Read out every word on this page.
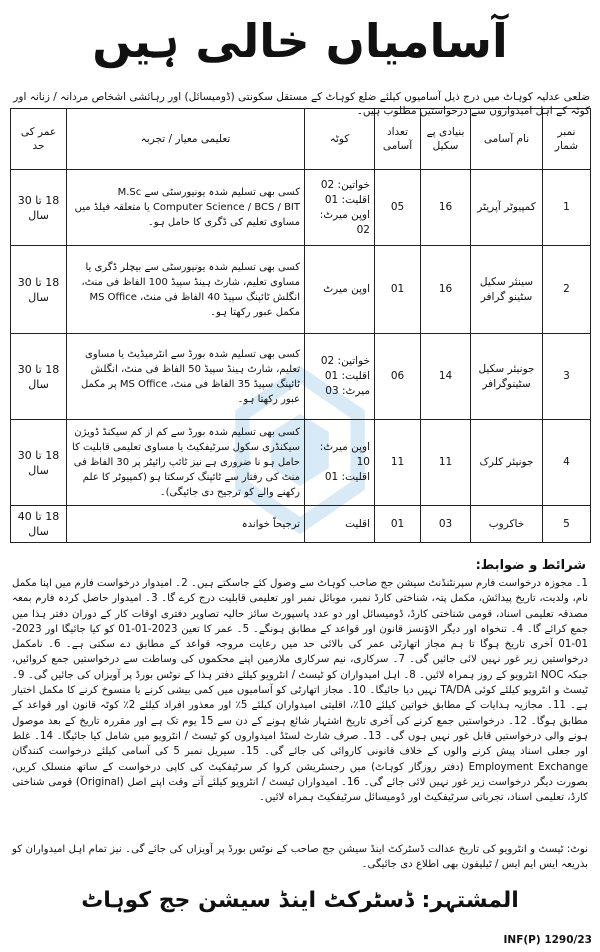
آسامیاں خالی ہیں
ضلعی عدلیہ کوہاٹ میں درج ذیل آسامیوں کیلئے ضلع کوہاٹ کے مستقل سکونتی (ڈومیسائل) اور رہائشی اشخاص مردانہ / زنانہ اور کوٹہ کے اہل امیدواروں سے درخواستیں مطلوب ہیں۔
نمبر شمار	نام آسامی	بنیادی پے سکیل	تعداد آسامی	کوٹہ	تعلیمی معیار / تجربہ	عمر کی حد
1	کمپیوٹر آپریٹر	16	05	خواتین: 02
اقلیت: 01
اوپن میرٹ: 02	کسی بھی تسلیم شدہ یونیورسٹی سے M.Sc Computer Science / BCS / BIT یا متعلقہ فیلڈ میں مساوی تعلیم کی ڈگری کا حامل ہو۔	18 تا 30 سال
2	سینئر سکیل سٹینو گرافر	16	01	اوپن میرٹ	کسی بھی تسلیم شدہ یونیورسٹی سے بیچلر ڈگری یا مساوی تعلیم، شارٹ ہینڈ سپیڈ 100 الفاظ فی منٹ، انگلش ٹائپنگ سپیڈ 40 الفاظ فی منٹ، MS Office مکمل عبور رکھتا ہو۔	18 تا 30 سال
3	جونیئر سکیل سٹینوگرافر	14	06	خواتین: 02
اقلیت: 01
میرٹ: 03	کسی بھی تسلیم شدہ بورڈ سے انٹرمیڈیٹ یا مساوی تعلیم، شارٹ ہینڈ سپیڈ 50 الفاظ فی منٹ، انگلش ٹائپنگ سپیڈ 35 الفاظ فی منٹ، MS Office پر مکمل عبور رکھتا ہو۔	18 تا 30 سال
4	جونیئر کلرک	11	11	اوپن میرٹ: 10
اقلیت: 01	کسی بھی تسلیم شدہ بورڈ سے کم از کم سیکنڈ ڈویژن سیکنڈری سکول سرٹیفکیٹ یا مساوی تعلیمی قابلیت کا حامل ہو نا ضروری ہے نیز ٹائپ رائیٹر پر 30 الفاظ فی منٹ کی رفتار سے ٹائپنگ کرسکتا ہو (کمپیوٹر کا علم رکھنے والے کو ترجیح دی جائیگی)۔	18 تا 30 سال
5	خاکروب	03	01	اقلیت	ترجیحاً خواندہ	18 تا 40 سال
شرائط و ضوابط:
1۔ مجوزہ درخواست فارم سپرنٹنڈنٹ سیشن جج صاحب کوہاٹ سے وصول کئے جاسکتے ہیں۔ 2۔ امیدوار درخواست فارم میں اپنا مکمل نام، ولدیت، تاریخ پیدائش، مکمل پتہ، شناختی کارڈ نمبر، موبائل نمبر اور تعلیمی قابلیت درج کرے گا۔ 3۔ امیدوار حاصل کردہ فارم بمعہ مصدقہ تعلیمی اسناد، قومی شناختی کارڈ، ڈومیسائل اور دو عدد پاسپورٹ سائز حالیہ تصاویر دفتری اوقات کار کے دوران دفتر ہذا میں جمع کرائے گا۔ 4۔ تنخواہ اور دیگر الاؤنسز قانون اور قواعد کے مطابق ہونگے۔ 5۔ عمر کا تعین 2023-01-01 کو کیا جائیگا اور 2023-01-01 آخری تاریخ ہوگا تا ہم مجاز اتھارٹی عمر کی بالائی حد میں رعایت مروجہ قواعد کے مطابق دے سکتی ہے۔ 6۔ نامکمل درخواستیں زیر غور نہیں لائی جائیں گی۔ 7۔ سرکاری، نیم سرکاری ملازمین اپنے محکموں کی وساطت سے درخواستیں جمع کروائیں، جبکہ NOC انٹرویو کے روز ہمراہ لائیں۔ 8۔ اہل امیدواران کو ٹیسٹ / انٹرویو کیلئے دفتر ہذا کے نوٹس بورڈ پر آویزاں کی جائیں گی۔ 9۔ ٹیسٹ و انٹرویو کیلئے کوئی TA/DA نہیں دیا جائیگا۔ 10۔ مجاز اتھارٹی کو آسامیوں میں کمی بیشی کرنے یا منسوخ کرنے کا مکمل اختیار ہے۔ 11۔ مجازیہ ہدایات کے مطابق خواتین کیلئے 10٪، اقلیتی امیدواران کیلئے 5٪ اور معذور افراد کیلئے 2٪ کوٹہ قانون اور قواعد کے مطابق ہوگا۔ 12۔ درخواستیں جمع کرنے کی آخری تاریخ اشتہار شائع ہونے کے دن سے 15 یوم تک ہے اور مقررہ تاریخ کے بعد موصول ہونے والی درخواستیں قابل غور نہیں ہوں گی۔ 13۔ صرف شارٹ لسٹڈ امیدواروں کو ٹیسٹ / انٹرویو میں شامل کیا جائیگا۔ 14۔ غلط اور جعلی اسناد پیش کرنے والوں کے خلاف قانونی کاروائی کی جائے گی۔ 15۔ سیریل نمبر 5 کی آسامی کیلئے درخواست کنندگان Employment Exchange (دفتر روزگار کوہاٹ) میں رجسٹریشن کروا کر سرٹیفکیٹ کی کاپی درخواست کے ساتھ منسلک کریں، بصورت دیگر درخواست زیر غور نہیں لائی جائے گی۔ 16۔ امیدواران ٹیسٹ / انٹرویو کیلئے آتے وقت اپنے اصل (Original) قومی شناختی کارڈ، تعلیمی اسناد، تجرباتی سرٹیفکیٹ اور ڈومیسائل سرٹیفکیٹ ہمراہ لائیں۔
نوٹ: ٹیسٹ و انٹرویو کی تاریخ عدالت ڈسٹرکٹ اینڈ سیشن جج صاحب کے نوٹس بورڈ پر آویزاں کی جائے گی۔ نیز تمام اہل امیدواران کو بذریعہ ایس ایم ایس / ٹیلیفون بھی اطلاع دی جائیگی۔
المشتہر: ڈسٹرکٹ اینڈ سیشن جج کوہاٹ
INF(P) 1290/23
